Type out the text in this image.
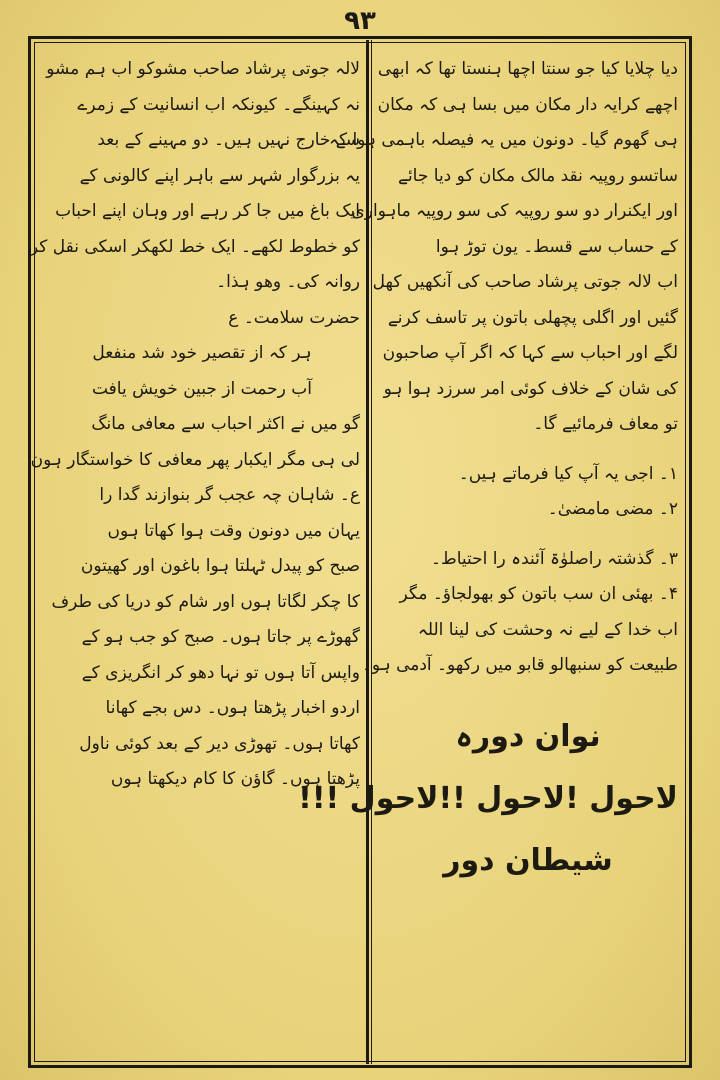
۹۳

دیا چلایا کیا جو سنتا اچھا ہنستا تھا کہ ابھی

اچھے کرایہ دار مکان میں بسا ہی کہ مکان

ہی گھوم گیا۔ دونون میں یہ فیصلہ باہمی ہوا کہ

ساتسو روپیہ نقد مالک مکان کو دیا جائے

اور ایکنرار دو سو روپیہ کی سو روپیہ ماہواری

کے حساب سے قسط۔ یون توڑ ہوا

اب لالہ جوتی پرشاد صاحب کی آنکھیں کھل

گئیں اور اگلی پچھلی باتون پر تاسف کرنے

لگے اور احباب سے کہا کہ اگر آپ صاحبون

کی شان کے خلاف کوئی امر سرزد ہوا ہو

تو معاف فرمائیے گا۔

۱۔ اجی یہ آپ کیا فرماتے ہیں۔

۲۔ مضی مامضیٰ۔

۳۔ گذشتہ راصلوٰۃ آئندہ را احتیاط۔

۴۔ بھئی ان سب باتون کو بھولجاؤ۔ مگر

اب خدا کے لیے نہ وحشت کی لینا اللہ

طبیعت کو سنبھالو قابو میں رکھو۔ آدمی ہو۔

نوان دورہ
لاحول !لاحول !!لاحول !!!
شیطان دور

لالہ جوتی پرشاد صاحب مشوکو اب ہم مشو

نہ کہینگے۔ کیونکہ اب انسانیت کے زمرے

سے خارج نہیں ہیں۔ دو مہینے کے بعد

یہ بزرگوار شہر سے باہر اپنے کالونی کے

ایک باغ میں جا کر رہے اور وہان اپنے احباب

کو خطوط لکھے۔ ایک خط لکھکر اسکی نقل کر

روانہ کی۔ وھو ہذا۔

حضرت سلامت۔ ع

ہر کہ از تقصیر خود شد منفعل

آب رحمت از جبین خویش یافت

گو میں نے اکثر احباب سے معافی مانگ

لی ہی مگر ایکبار پھر معافی کا خواستگار ہون

ع۔ شاہان چہ عجب گر بنوازند گدا را

یہان میں دونون وقت ہوا کھاتا ہوں

صبح کو پیدل ٹہلتا ہوا باغون اور کھیتون

کا چکر لگاتا ہوں اور شام کو دریا کی طرف

گھوڑے پر جاتا ہوں۔ صبح کو جب ہو کے

واپس آتا ہوں تو نہا دھو کر انگریزی کے

اردو اخبار پڑھتا ہوں۔ دس بجے کھانا

کھاتا ہوں۔ تھوڑی دیر کے بعد کوئی ناول

پڑھتا ہوں۔ گاؤن کا کام دیکھتا ہوں
